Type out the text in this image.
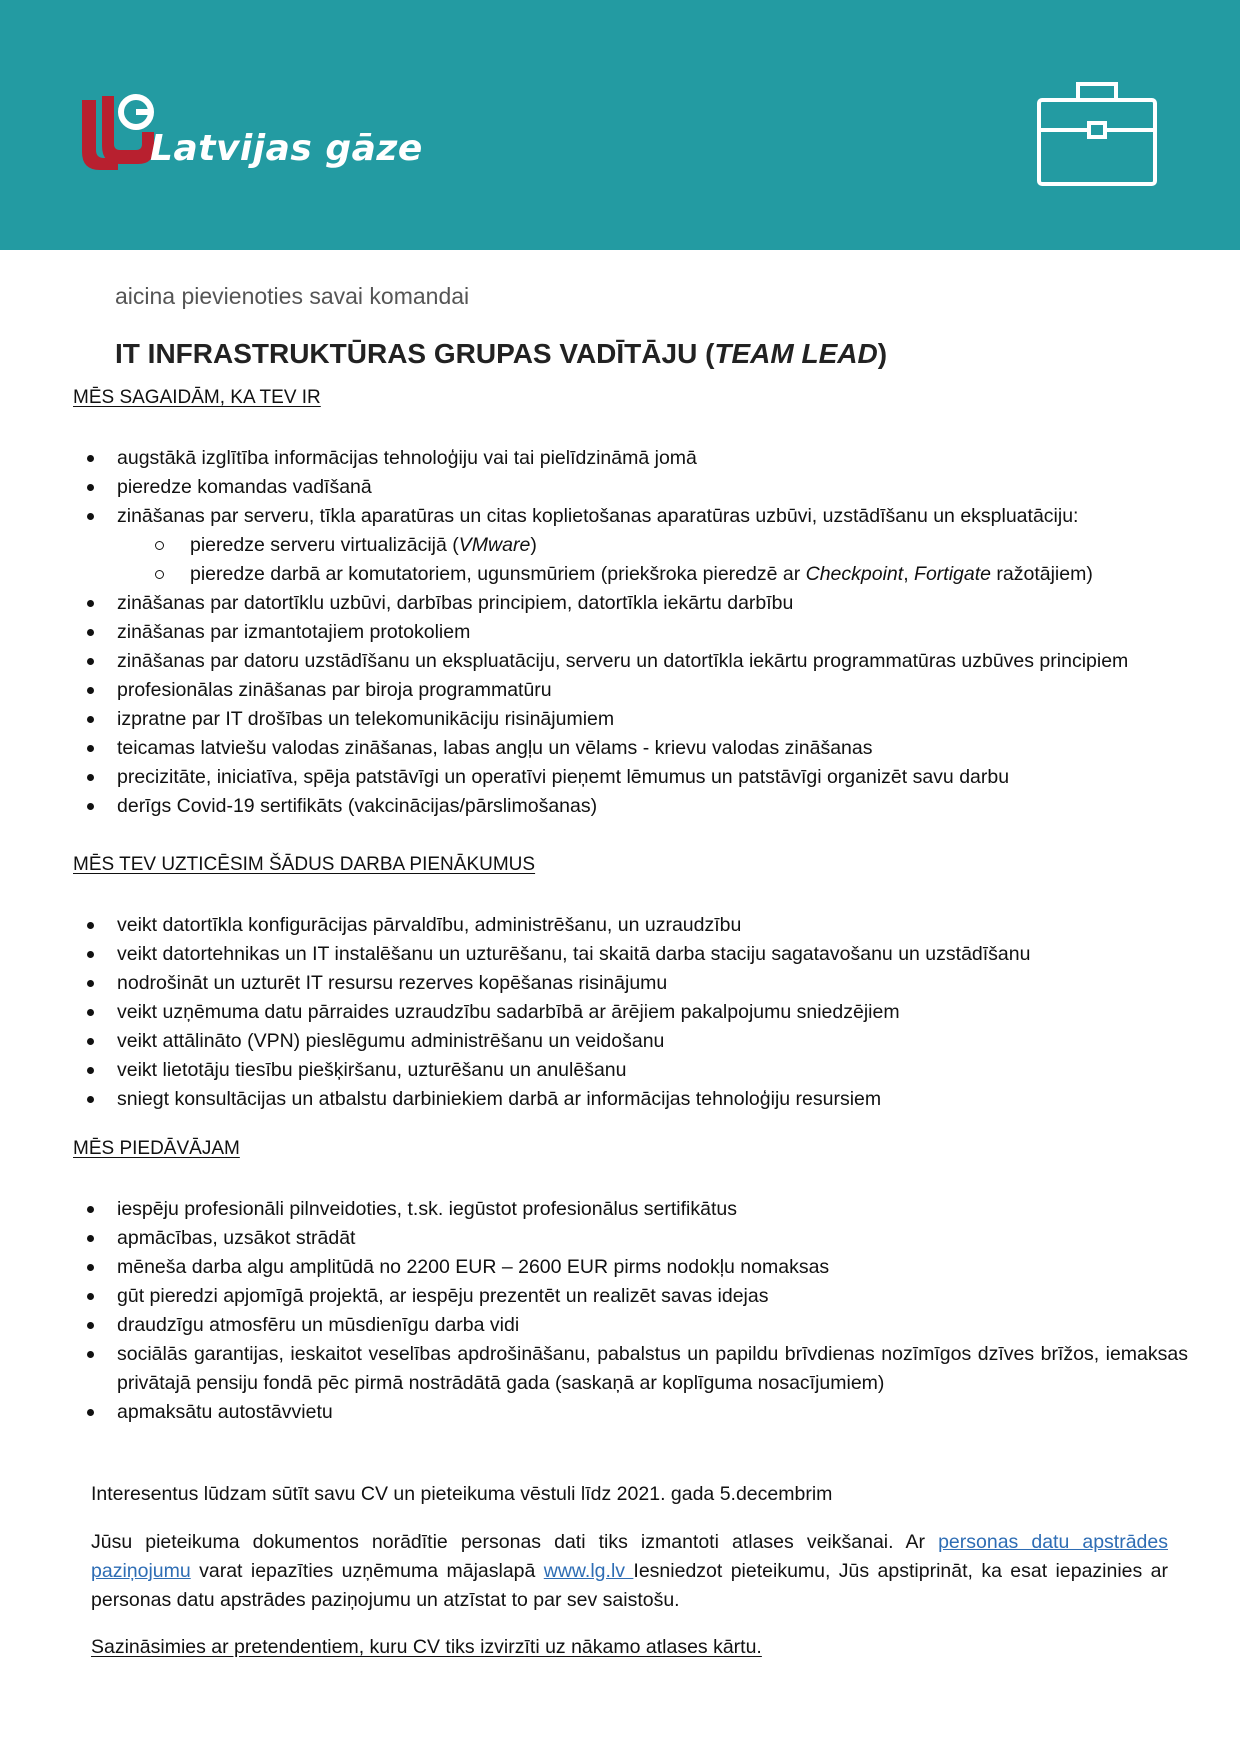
Latvijas gāze
aicina pievienoties savai komandai
IT INFRASTRUKTŪRAS GRUPAS VADĪTĀJU (TEAM LEAD)
MĒS SAGAIDĀM, KA TEV IR
augstākā izglītība informācijas tehnoloģiju vai tai pielīdzināmā jomā
pieredze komandas vadīšanā
zināšanas par serveru, tīkla aparatūras un citas koplietošanas aparatūras uzbūvi, uzstādīšanu un ekspluatāciju:
pieredze serveru virtualizācijā (VMware)
pieredze darbā ar komutatoriem, ugunsmūriem (priekšroka pieredzē ar Checkpoint, Fortigate ražotājiem)
zināšanas par datortīklu uzbūvi, darbības principiem, datortīkla iekārtu darbību
zināšanas par izmantotajiem protokoliem
zināšanas par datoru uzstādīšanu un ekspluatāciju, serveru un datortīkla iekārtu programmatūras uzbūves principiem
profesionālas zināšanas par biroja programmatūru
izpratne par IT drošības un telekomunikāciju risinājumiem
teicamas latviešu valodas zināšanas, labas angļu un vēlams - krievu valodas zināšanas
precizitāte, iniciatīva, spēja patstāvīgi un operatīvi pieņemt lēmumus un patstāvīgi organizēt savu darbu
derīgs Covid-19 sertifikāts (vakcinācijas/pārslimošanas)
MĒS TEV UZTICĒSIM ŠĀDUS DARBA PIENĀKUMUS
veikt datortīkla konfigurācijas pārvaldību, administrēšanu, un uzraudzību
veikt datortehnikas un IT instalēšanu un uzturēšanu, tai skaitā darba staciju sagatavošanu un uzstādīšanu
nodrošināt un uzturēt IT resursu rezerves kopēšanas risinājumu
veikt uzņēmuma datu pārraides uzraudzību sadarbībā ar ārējiem pakalpojumu sniedzējiem
veikt attālināto (VPN) pieslēgumu administrēšanu un veidošanu
veikt lietotāju tiesību piešķiršanu, uzturēšanu un anulēšanu
sniegt konsultācijas un atbalstu darbiniekiem darbā ar informācijas tehnoloģiju resursiem
MĒS PIEDĀVĀJAM
iespēju profesionāli pilnveidoties, t.sk. iegūstot profesionālus sertifikātus
apmācības, uzsākot strādāt
mēneša darba algu amplitūdā no 2200 EUR – 2600 EUR pirms nodokļu nomaksas
gūt pieredzi apjomīgā projektā, ar iespēju prezentēt un realizēt savas idejas
draudzīgu atmosfēru un mūsdienīgu darba vidi
sociālās garantijas, ieskaitot veselības apdrošināšanu, pabalstus un papildu brīvdienas nozīmīgos dzīves brīžos, iemaksas privātajā pensiju fondā pēc pirmā nostrādātā gada (saskaņā ar koplīguma nosacījumiem)
apmaksātu autostāvvietu
Interesentus lūdzam sūtīt savu CV un pieteikuma vēstuli līdz 2021. gada 5.decembrim
Jūsu pieteikuma dokumentos norādītie personas dati tiks izmantoti atlases veikšanai. Ar personas datu apstrādes paziņojumu varat iepazīties uzņēmuma mājaslapā www.lg.lv Iesniedzot pieteikumu, Jūs apstiprināt, ka esat iepazinies ar personas datu apstrādes paziņojumu un atzīstat to par sev saistošu.
Sazināsimies ar pretendentiem, kuru CV tiks izvirzīti uz nākamo atlases kārtu.
